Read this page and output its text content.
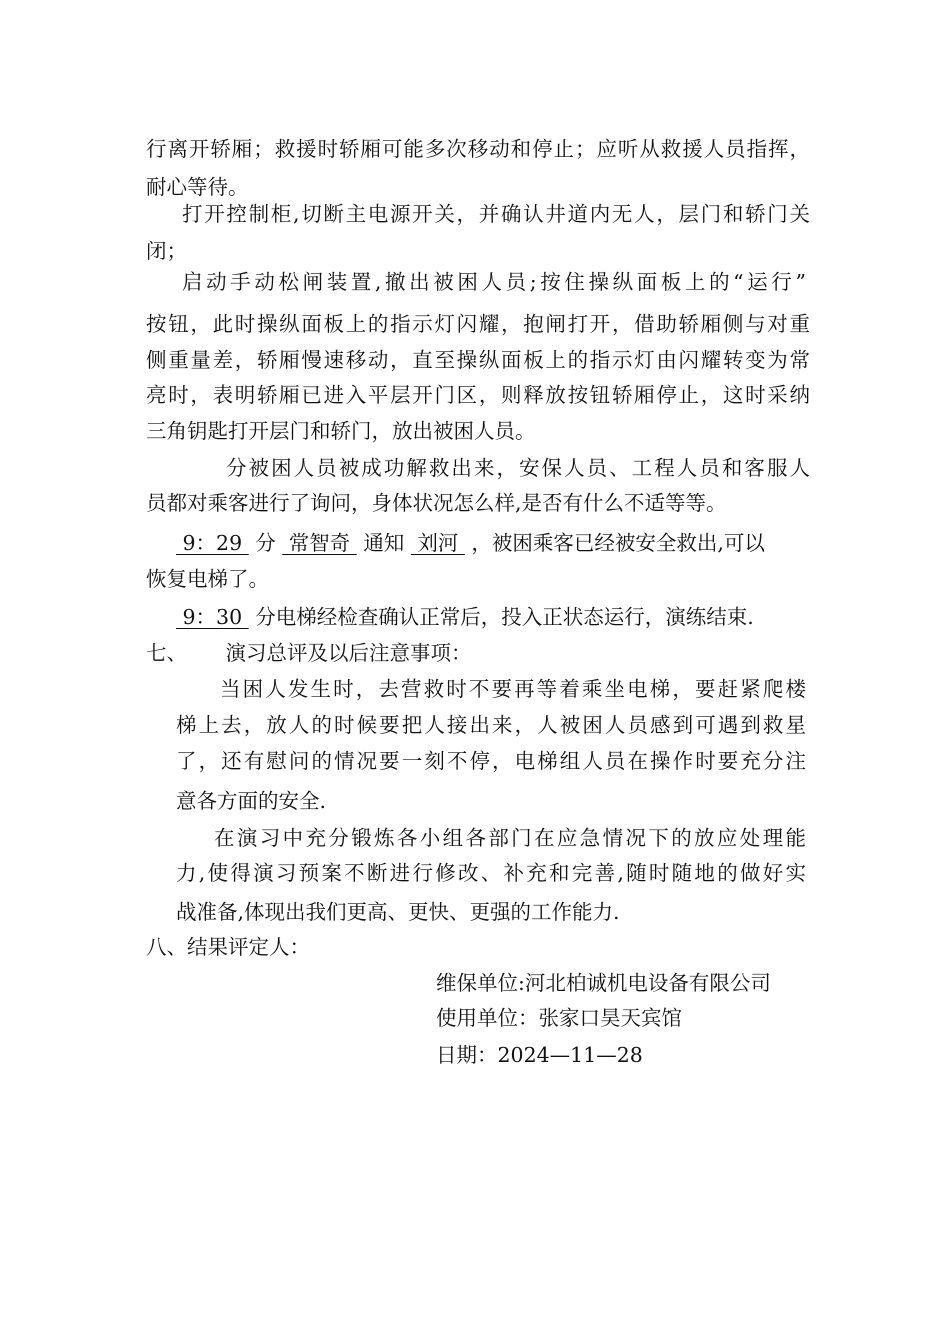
行离开轿厢；救援时轿厢可能多次移动和停止；应听从救援人员指挥，
耐心等待。
打开控制柜,切断主电源开关，并确认井道内无人，层门和轿门关
闭；
启动手动松闸装置,撤出被困人员;按住操纵面板上的“运行”
按钮，此时操纵面板上的指示灯闪耀，抱闸打开，借助轿厢侧与对重
侧重量差，轿厢慢速移动，直至操纵面板上的指示灯由闪耀转变为常
亮时，表明轿厢已进入平层开门区，则释放按钮轿厢停止，这时采纳
三角钥匙打开层门和轿门，放出被困人员。
分被困人员被成功解救出来，安保人员、工程人员和客服人
员都对乘客进行了询问，身体状况怎么样,是否有什么不适等等。
9：29  分  常智奇  通知  刘河  ，被困乘客已经被安全救出,可以
恢复电梯了。
9：30  分电梯经检查确认正常后，投入正状态运行，演练结束.
七、 演习总评及以后注意事项：
当困人发生时，去营救时不要再等着乘坐电梯，要赶紧爬楼
梯上去，放人的时候要把人接出来，人被困人员感到可遇到救星
了，还有慰问的情况要一刻不停，电梯组人员在操作时要充分注
意各方面的安全.
在演习中充分锻炼各小组各部门在应急情况下的放应处理能
力,使得演习预案不断进行修改、补充和完善,随时随地的做好实
战准备,体现出我们更高、更快、更强的工作能力.
八、结果评定人：
维保单位:河北柏诚机电设备有限公司
使用单位：张家口昊天宾馆
日期：2024—11—28
